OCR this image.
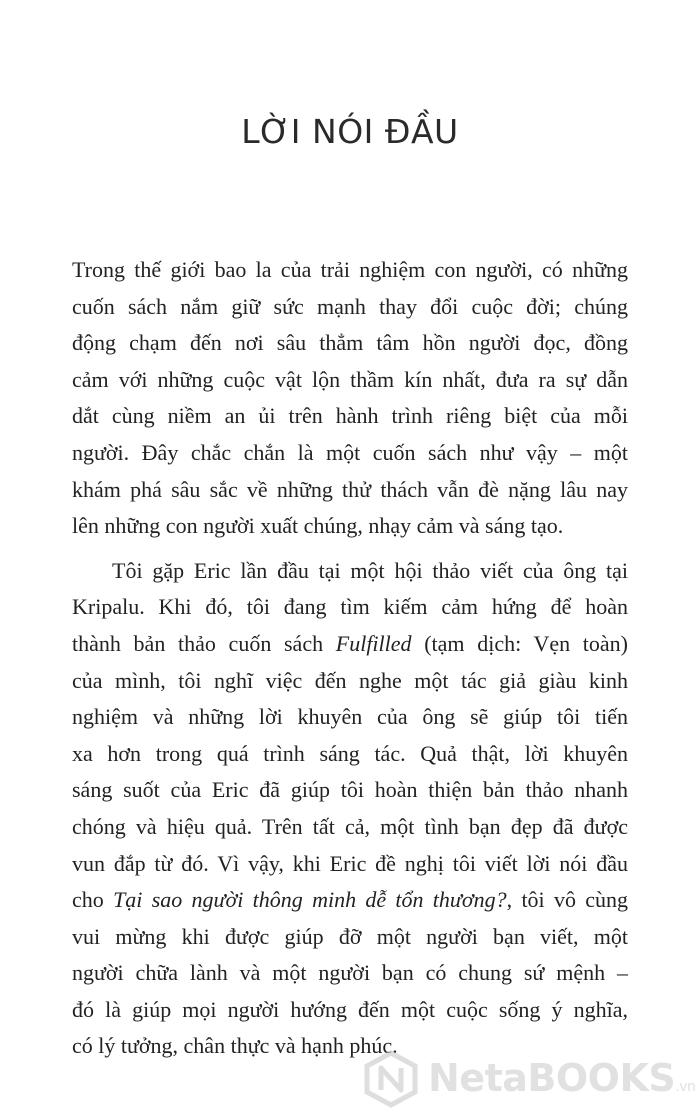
LỜI NÓI ĐẦU
Trong thế giới bao la của trải nghiệm con người, có những
cuốn sách nắm giữ sức mạnh thay đổi cuộc đời; chúng
động chạm đến nơi sâu thẳm tâm hồn người đọc, đồng
cảm với những cuộc vật lộn thầm kín nhất, đưa ra sự dẫn
dắt cùng niềm an ủi trên hành trình riêng biệt của mỗi
người. Đây chắc chắn là một cuốn sách như vậy – một
khám phá sâu sắc về những thử thách vẫn đè nặng lâu nay
lên những con người xuất chúng, nhạy cảm và sáng tạo.
Tôi gặp Eric lần đầu tại một hội thảo viết của ông tại
Kripalu. Khi đó, tôi đang tìm kiếm cảm hứng để hoàn
thành bản thảo cuốn sách Fulfilled (tạm dịch: Vẹn toàn)
của mình, tôi nghĩ việc đến nghe một tác giả giàu kinh
nghiệm và những lời khuyên của ông sẽ giúp tôi tiến
xa hơn trong quá trình sáng tác. Quả thật, lời khuyên
sáng suốt của Eric đã giúp tôi hoàn thiện bản thảo nhanh
chóng và hiệu quả. Trên tất cả, một tình bạn đẹp đã được
vun đắp từ đó. Vì vậy, khi Eric đề nghị tôi viết lời nói đầu
cho Tại sao người thông minh dễ tổn thương?, tôi vô cùng
vui mừng khi được giúp đỡ một người bạn viết, một
người chữa lành và một người bạn có chung sứ mệnh –
đó là giúp mọi người hướng đến một cuộc sống ý nghĩa,
có lý tưởng, chân thực và hạnh phúc.
NetaBOOKS.vn
